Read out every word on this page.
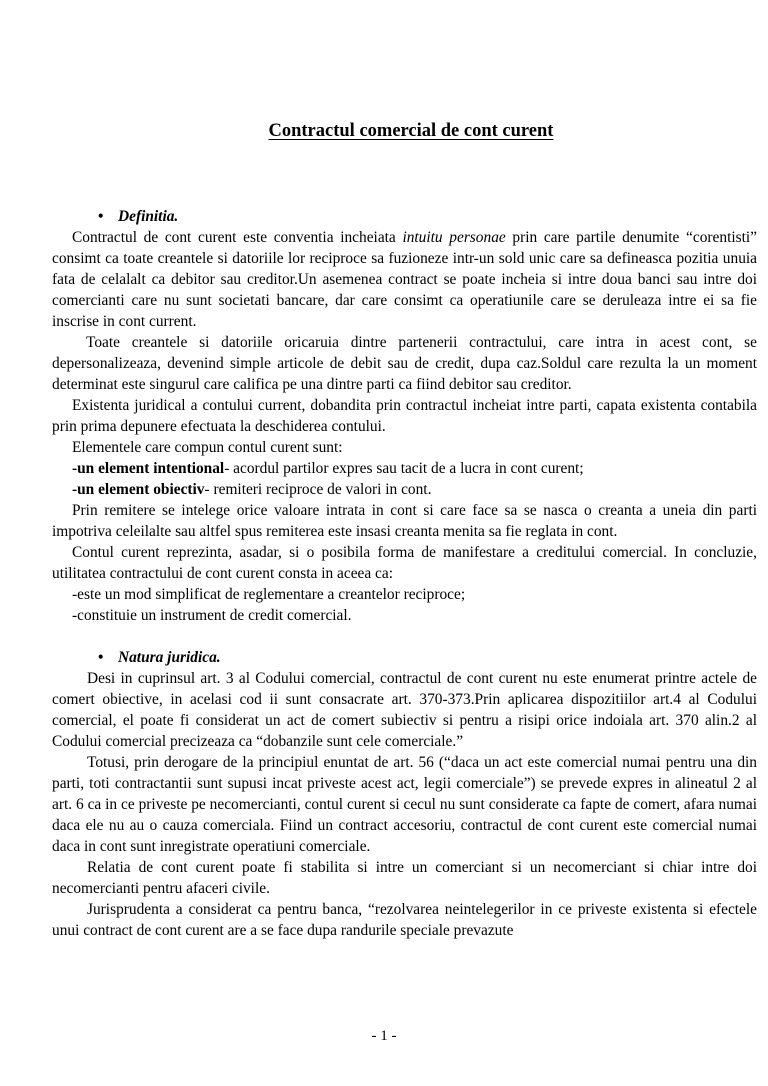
Contractul comercial de cont curent
• Definitia.

Contractul de cont curent este conventia incheiata intuitu personae prin care partile denumite “corentisti” consimt ca toate creantele si datoriile lor reciproce sa fuzioneze intr-un sold unic care sa defineasca pozitia unuia fata de celalalt ca debitor sau creditor.Un asemenea contract se poate incheia si intre doua banci sau intre doi comercianti care nu sunt societati bancare, dar care consimt ca operatiunile care se deruleaza intre ei sa fie inscrise in cont current.

Toate creantele si datoriile oricaruia dintre partenerii contractului, care intra in acest cont, se depersonalizeaza, devenind simple articole de debit sau de credit, dupa caz.Soldul care rezulta la un moment determinat este singurul care califica pe una dintre parti ca fiind debitor sau creditor.

Existenta juridical a contului current, dobandita prin contractul incheiat intre parti, capata existenta contabila prin prima depunere efectuata la deschiderea contului.

Elementele care compun contul curent sunt:

-un element intentional- acordul partilor expres sau tacit de a lucra in cont curent;

-un element obiectiv- remiteri reciproce de valori in cont.

Prin remitere se intelege orice valoare intrata in cont si care face sa se nasca o creanta a uneia din parti impotriva celeilalte sau altfel spus remiterea este insasi creanta menita sa fie reglata in cont.

Contul curent reprezinta, asadar, si o posibila forma de manifestare a creditului comercial. In concluzie, utilitatea contractului de cont curent consta in aceea ca:

-este un mod simplificat de reglementare a creantelor reciproce;

-constituie un instrument de credit comercial.

• Natura juridica.

Desi in cuprinsul art. 3 al Codului comercial, contractul de cont curent nu este enumerat printre actele de comert obiective, in acelasi cod ii sunt consacrate art. 370-373.Prin aplicarea dispozitiilor art.4 al Codului comercial, el poate fi considerat un act de comert subiectiv si pentru a risipi orice indoiala art. 370 alin.2 al Codului comercial precizeaza ca “dobanzile sunt cele comerciale.”

Totusi, prin derogare de la principiul enuntat de art. 56 (“daca un act este comercial numai pentru una din parti, toti contractantii sunt supusi incat priveste acest act, legii comerciale”) se prevede expres in alineatul 2 al art. 6 ca in ce priveste pe necomercianti, contul curent si cecul nu sunt considerate ca fapte de comert, afara numai daca ele nu au o cauza comerciala. Fiind un contract accesoriu, contractul de cont curent este comercial numai daca in cont sunt inregistrate operatiuni comerciale.

Relatia de cont curent poate fi stabilita si intre un comerciant si un necomerciant si chiar intre doi necomercianti pentru afaceri civile.

Jurisprudenta a considerat ca pentru banca, “rezolvarea neintelegerilor in ce priveste existenta si efectele unui contract de cont curent are a se face dupa randurile speciale prevazute

- 1 -
